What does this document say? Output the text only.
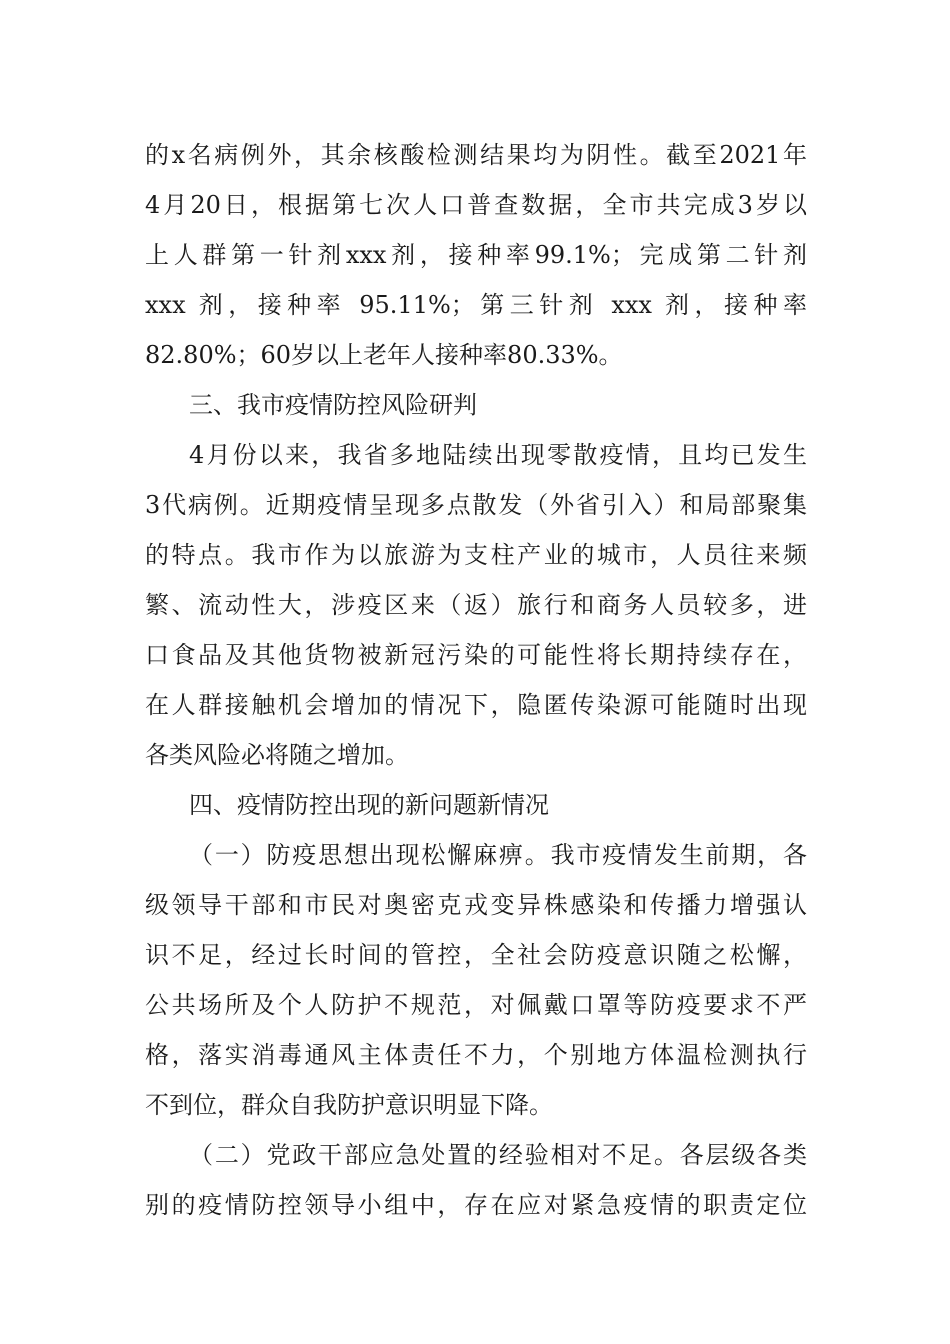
的x名病例外，其余核酸检测结果均为阴性。截至2021年
4月20日，根据第七次人口普查数据，全市共完成3岁以
上人群第一针剂xxx剂，接种率99.1%；完成第二针剂
xxx 剂，接种率 95.11%；第三针剂 xxx 剂，接种率
82.80%；60岁以上老年人接种率80.33%。
三、我市疫情防控风险研判
4月份以来，我省多地陆续出现零散疫情，且均已发生
3代病例。近期疫情呈现多点散发（外省引入）和局部聚集
的特点。我市作为以旅游为支柱产业的城市，人员往来频
繁、流动性大，涉疫区来（返）旅行和商务人员较多，进
口食品及其他货物被新冠污染的可能性将长期持续存在，
在人群接触机会增加的情况下，隐匿传染源可能随时出现
各类风险必将随之增加。
四、疫情防控出现的新问题新情况
（一）防疫思想出现松懈麻痹。我市疫情发生前期，各
级领导干部和市民对奥密克戎变异株感染和传播力增强认
识不足，经过长时间的管控，全社会防疫意识随之松懈，
公共场所及个人防护不规范，对佩戴口罩等防疫要求不严
格，落实消毒通风主体责任不力，个别地方体温检测执行
不到位，群众自我防护意识明显下降。
（二）党政干部应急处置的经验相对不足。各层级各类
别的疫情防控领导小组中，存在应对紧急疫情的职责定位
